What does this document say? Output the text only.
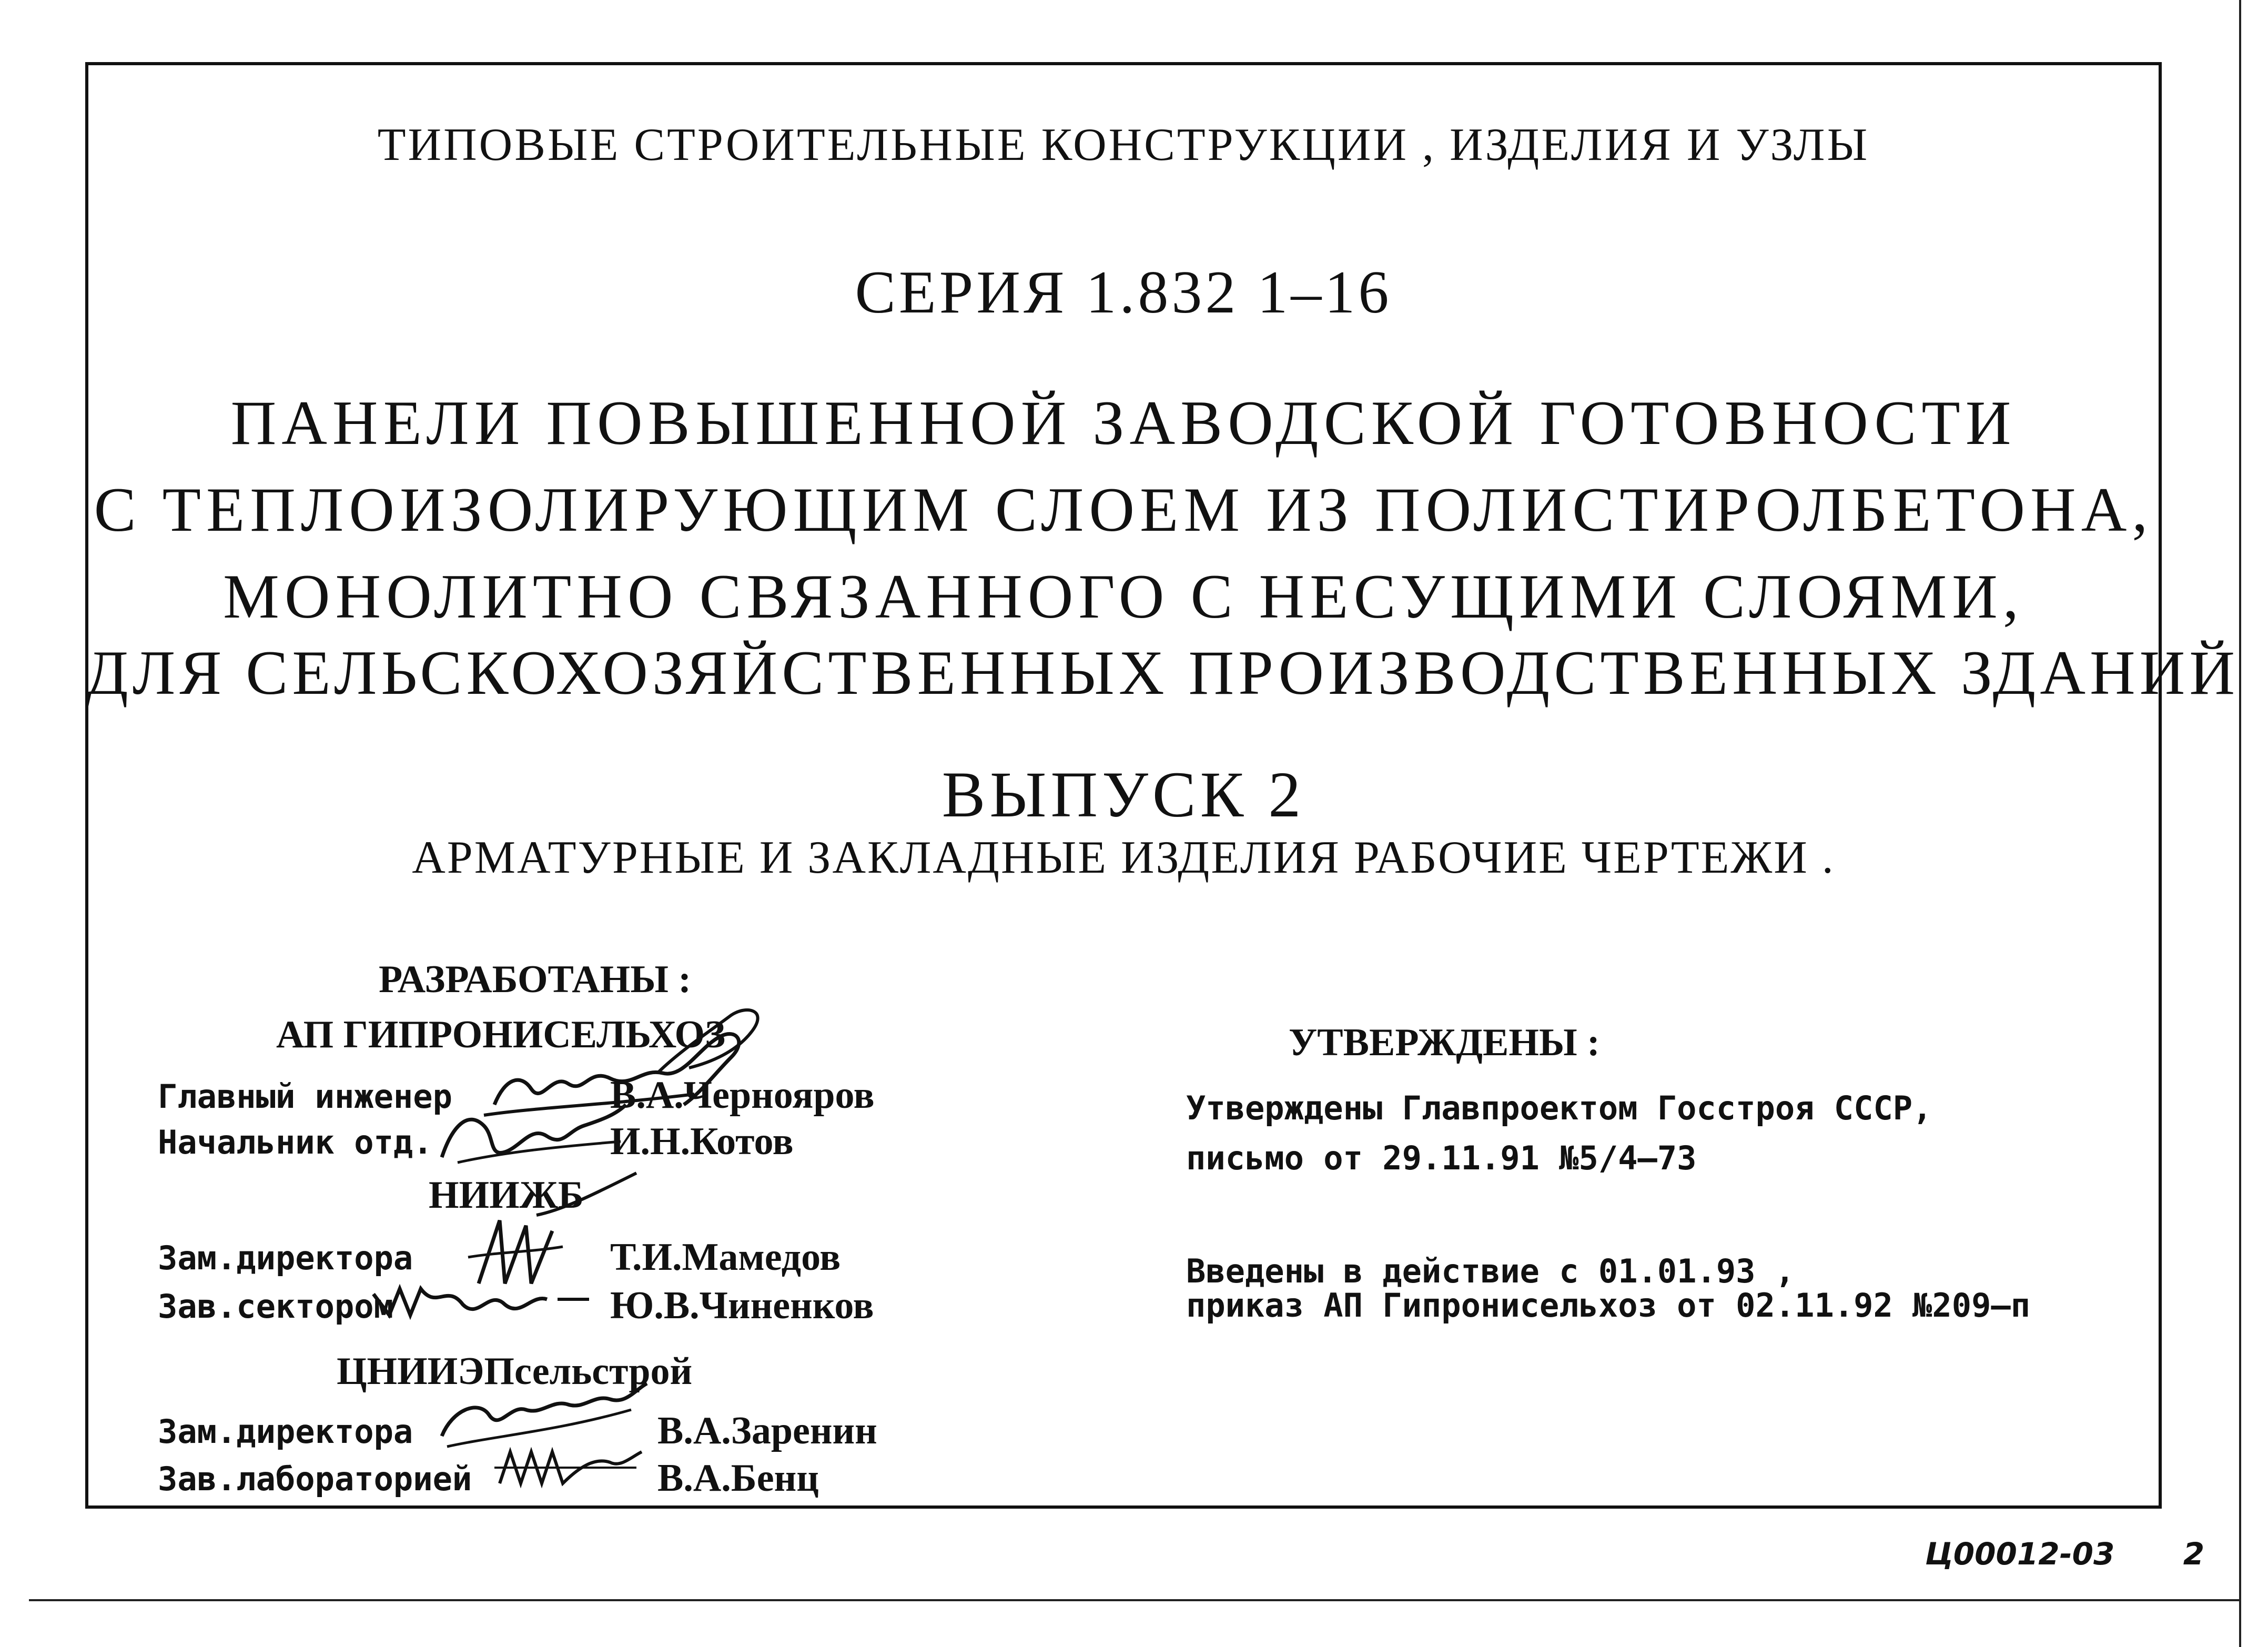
ТИПОВЫЕ СТРОИТЕЛЬНЫЕ КОНСТРУКЦИИ , ИЗДЕЛИЯ И УЗЛЫ
СЕРИЯ 1.832 1–16
ПАНЕЛИ ПОВЫШЕННОЙ ЗАВОДСКОЙ ГОТОВНОСТИ
С ТЕПЛОИЗОЛИРУЮЩИМ СЛОЕМ ИЗ ПОЛИСТИРОЛБЕТОНА,
МОНОЛИТНО СВЯЗАННОГО С НЕСУЩИМИ СЛОЯМИ,
ДЛЯ СЕЛЬСКОХОЗЯЙСТВЕННЫХ ПРОИЗВОДСТВЕННЫХ ЗДАНИЙ
ВЫПУСК 2
АРМАТУРНЫЕ И ЗАКЛАДНЫЕ ИЗДЕЛИЯ РАБОЧИЕ ЧЕРТЕЖИ .
РАЗРАБОТАНЫ :
АП ГИПРОНИСЕЛЬХОЗ
Главный инженер	В.А.Чернояров
Начальник отд.	И.Н.Котов
НИИЖБ
Зам.директора	Т.И.Мамедов
Зав.сектором	Ю.В.Чиненков
ЦНИИЭПсельстрой
Зам.директора	В.А.Заренин
Зав.лабораторией	В.А.Бенц
УТВЕРЖДЕНЫ :
Утверждены Главпроектом Госстроя СССР,
письмо от 29.11.91 №5/4–73
Введены в действие с 01.01.93 ,
приказ АП Гипронисельхоз от 02.11.92 №209–п
Ц00012-03 2
